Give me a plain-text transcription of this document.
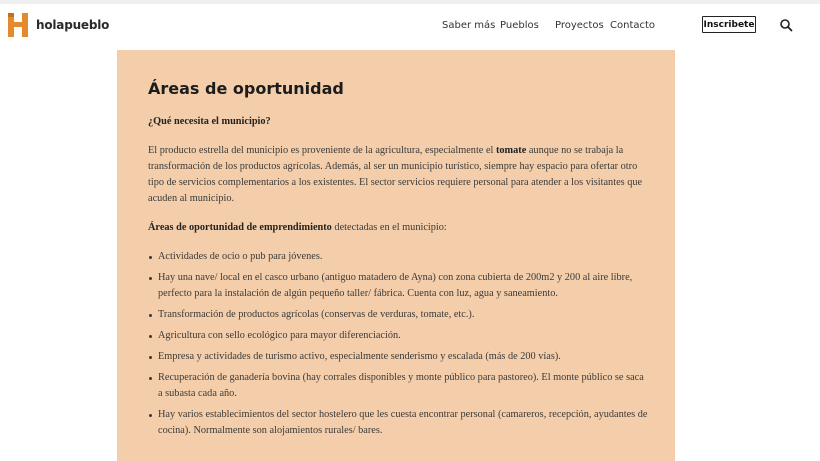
holapueblo	Saber más Pueblos Proyectos Contacto	Inscribete
Áreas de oportunidad

¿Qué necesita el municipio?

El producto estrella del municipio es proveniente de la agricultura, especialmente el tomate aunque no se trabaja la transformación de los productos agrícolas. Además, al ser un municipio turístico, siempre hay espacio para ofertar otro tipo de servicios complementarios a los existentes. El sector servicios requiere personal para atender a los visitantes que acuden al municipio.

Áreas de oportunidad de emprendimiento detectadas en el municipio:

Actividades de ocio o pub para jóvenes.
Hay una nave/ local en el casco urbano (antiguo matadero de Ayna) con zona cubierta de 200m2 y 200 al aire libre, perfecto para la instalación de algún pequeño taller/ fábrica. Cuenta con luz, agua y saneamiento.
Transformación de productos agrícolas (conservas de verduras, tomate, etc.).
Agricultura con sello ecológico para mayor diferenciación.
Empresa y actividades de turismo activo, especialmente senderismo y escalada (más de 200 vías).
Recuperación de ganadería bovina (hay corrales disponibles y monte público para pastoreo). El monte público se saca a subasta cada año.
Hay varios establecimientos del sector hostelero que les cuesta encontrar personal (camareros, recepción, ayudantes de cocina). Normalmente son alojamientos rurales/ bares.
